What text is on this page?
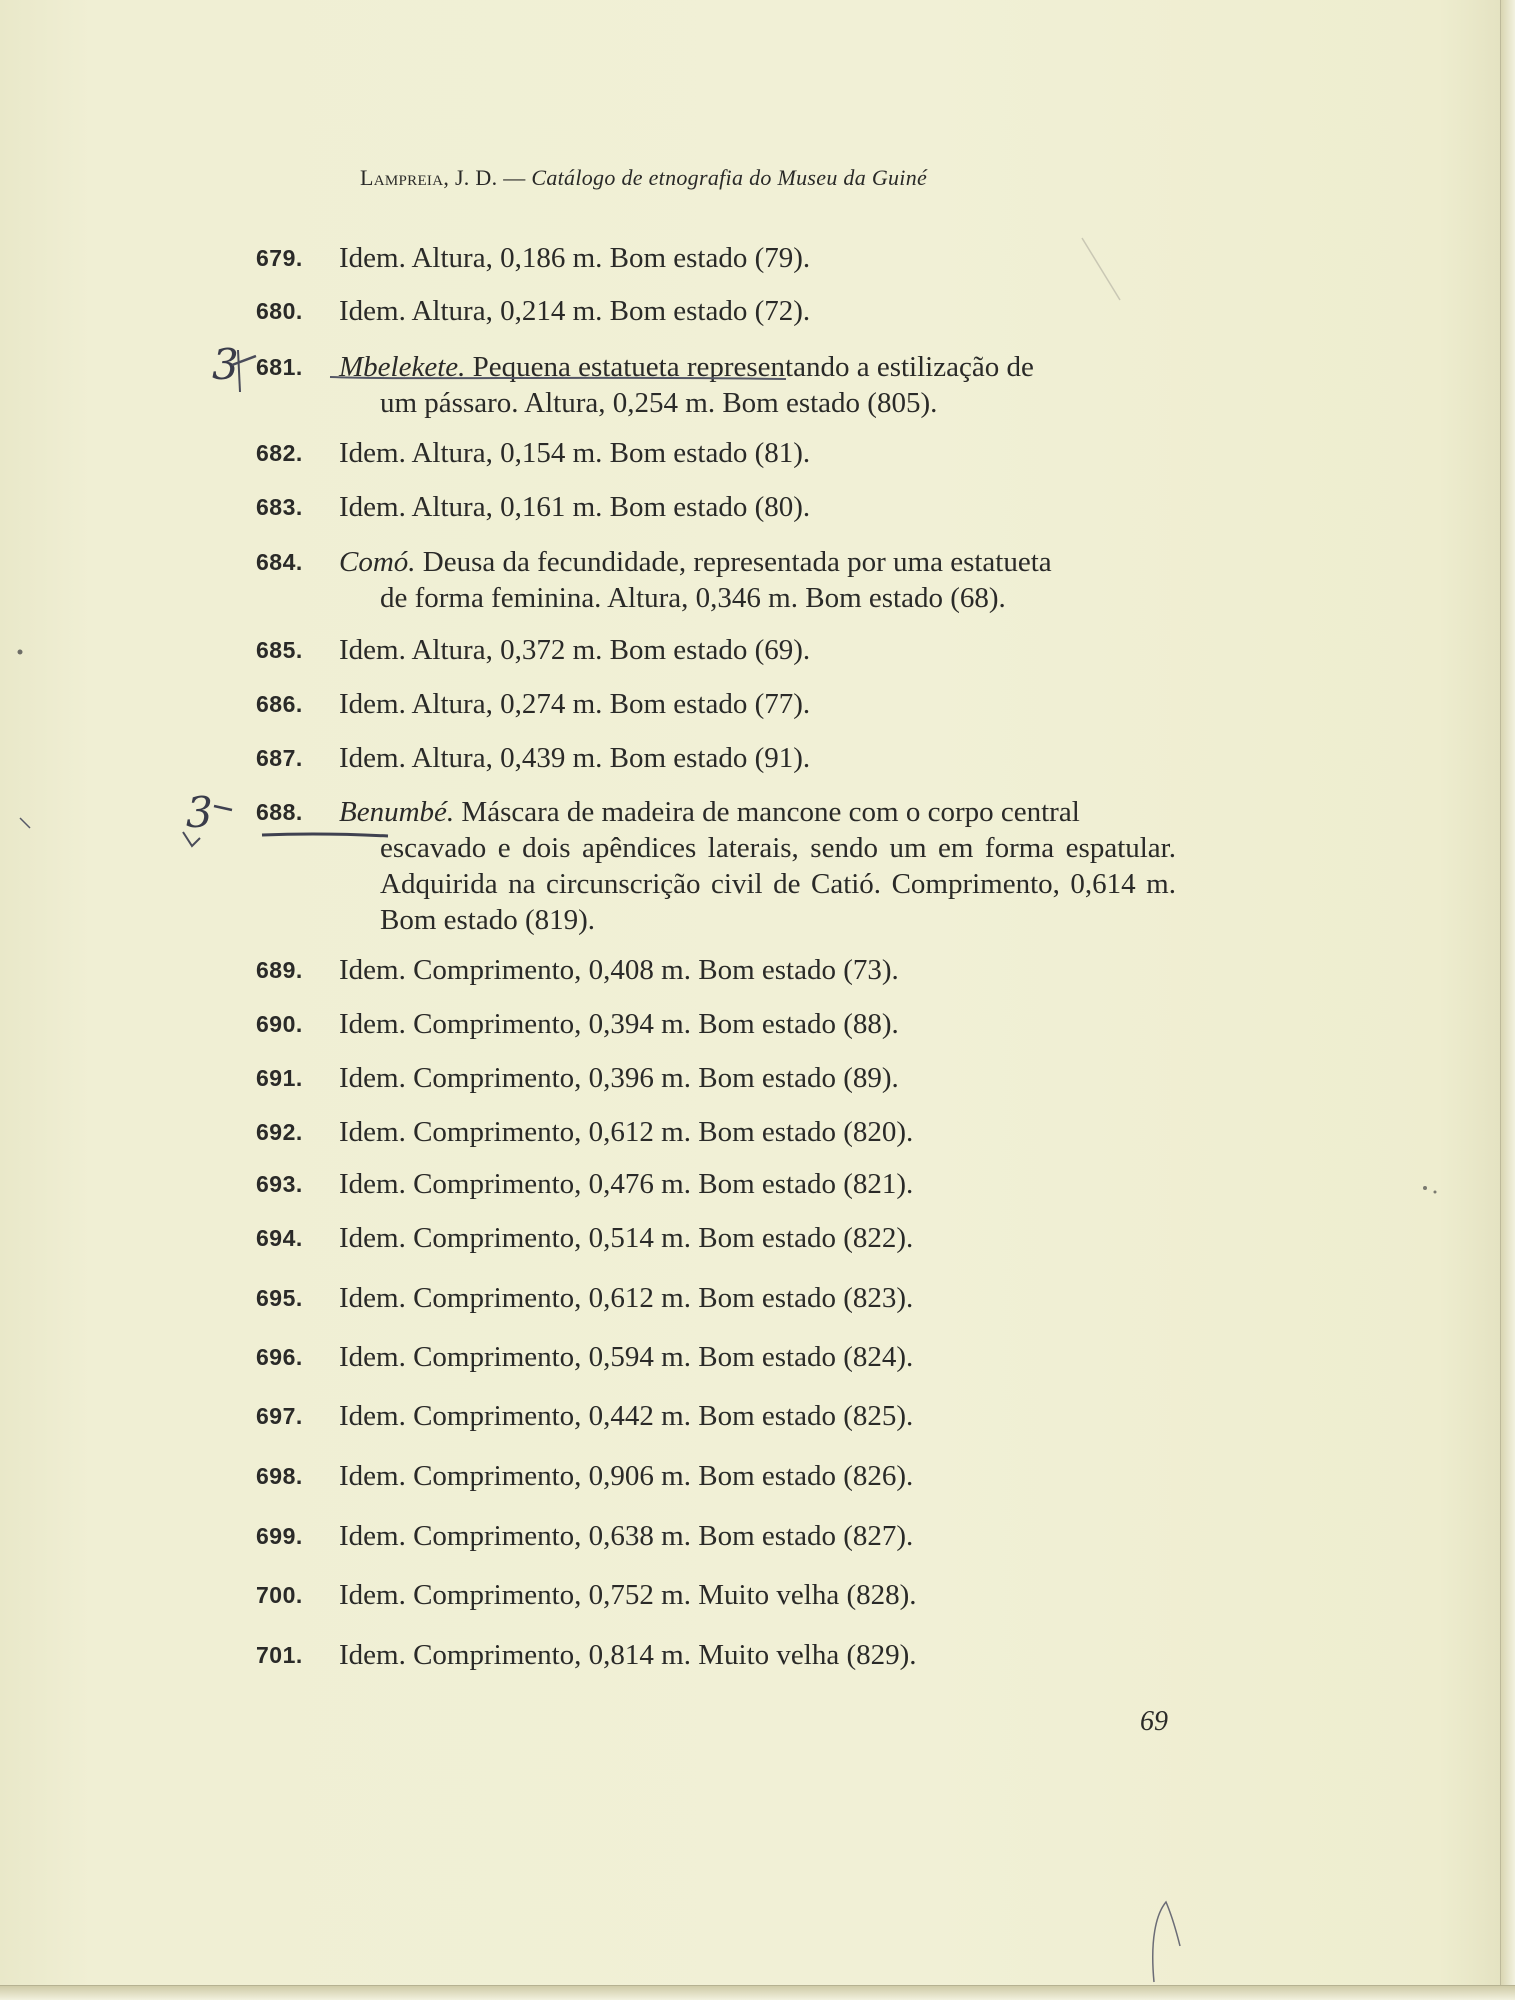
Lampreia, J. D. — Catálogo de etnografia do Museu da Guiné
679. Idem. Altura, 0,186 m. Bom estado (79).
680. Idem. Altura, 0,214 m. Bom estado (72).
681. Mbelekete. Pequena estatueta representando a estilização de
um pássaro. Altura, 0,254 m. Bom estado (805).
682. Idem. Altura, 0,154 m. Bom estado (81).
683. Idem. Altura, 0,161 m. Bom estado (80).
684. Comó. Deusa da fecundidade, representada por uma estatueta
de forma feminina. Altura, 0,346 m. Bom estado (68).
685. Idem. Altura, 0,372 m. Bom estado (69).
686. Idem. Altura, 0,274 m. Bom estado (77).
687. Idem. Altura, 0,439 m. Bom estado (91).
688. Benumbé. Máscara de madeira de mancone com o corpo central
escavado e dois apêndices laterais, sendo um em forma espatular. Adquirida na circunscrição civil de Catió. Comprimento, 0,614 m. Bom estado (819).
689. Idem. Comprimento, 0,408 m. Bom estado (73).
690. Idem. Comprimento, 0,394 m. Bom estado (88).
691. Idem. Comprimento, 0,396 m. Bom estado (89).
692. Idem. Comprimento, 0,612 m. Bom estado (820).
693. Idem. Comprimento, 0,476 m. Bom estado (821).
694. Idem. Comprimento, 0,514 m. Bom estado (822).
695. Idem. Comprimento, 0,612 m. Bom estado (823).
696. Idem. Comprimento, 0,594 m. Bom estado (824).
697. Idem. Comprimento, 0,442 m. Bom estado (825).
698. Idem. Comprimento, 0,906 m. Bom estado (826).
699. Idem. Comprimento, 0,638 m. Bom estado (827).
700. Idem. Comprimento, 0,752 m. Muito velha (828).
701. Idem. Comprimento, 0,814 m. Muito velha (829).
69
3
3
